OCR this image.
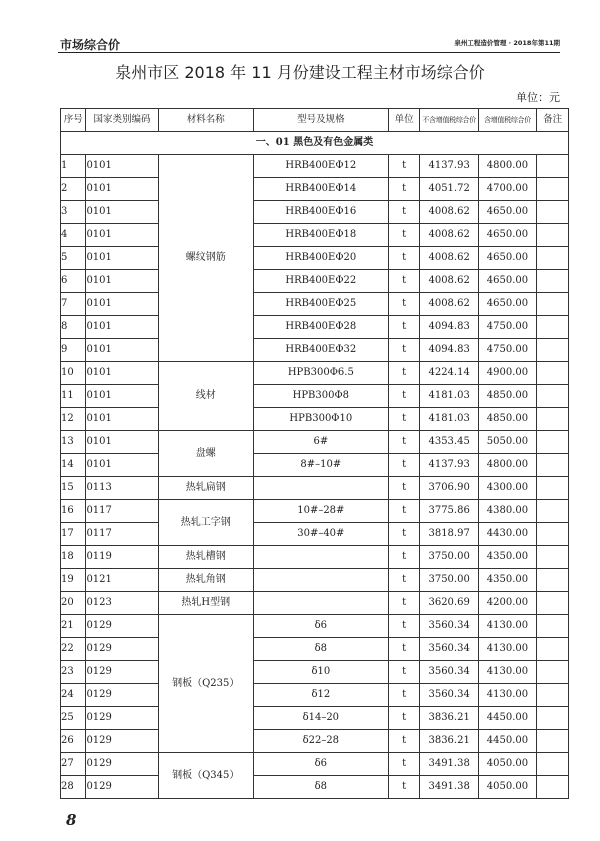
市场综合价	泉州工程造价管理 · 2018年第11期
泉州市区 2018 年 11 月份建设工程主材市场综合价
单位：元
序号	国家类别编码	材料名称	型号及规格	单位	不含增值税综合价	含增值税综合价	备注
一、01 黑色及有色金属类							
1	0101	螺纹钢筋	HRB400EΦ12	t	4137.93	4800.00	
2	0101		HRB400EΦ14	t	4051.72	4700.00	
3	0101		HRB400EΦ16	t	4008.62	4650.00	
4	0101		HRB400EΦ18	t	4008.62	4650.00	
5	0101		HRB400EΦ20	t	4008.62	4650.00	
6	0101		HRB400EΦ22	t	4008.62	4650.00	
7	0101		HRB400EΦ25	t	4008.62	4650.00	
8	0101		HRB400EΦ28	t	4094.83	4750.00	
9	0101		HRB400EΦ32	t	4094.83	4750.00	
10	0101	线材	HPB300Φ6.5	t	4224.14	4900.00	
11	0101		HPB300Φ8	t	4181.03	4850.00	
12	0101		HPB300Φ10	t	4181.03	4850.00	
13	0101	盘螺	6#	t	4353.45	5050.00	
14	0101		8#–10#	t	4137.93	4800.00	
15	0113	热轧扁钢		t	3706.90	4300.00	
16	0117	热轧工字钢	10#–28#	t	3775.86	4380.00	
17	0117		30#–40#	t	3818.97	4430.00	
18	0119	热轧槽钢		t	3750.00	4350.00	
19	0121	热轧角钢		t	3750.00	4350.00	
20	0123	热轧H型钢		t	3620.69	4200.00	
21	0129	钢板（Q235）	δ6	t	3560.34	4130.00	
22	0129		δ8	t	3560.34	4130.00	
23	0129		δ10	t	3560.34	4130.00	
24	0129		δ12	t	3560.34	4130.00	
25	0129		δ14–20	t	3836.21	4450.00	
26	0129		δ22–28	t	3836.21	4450.00	
27	0129	钢板（Q345）	δ6	t	3491.38	4050.00	
28	0129		δ8	t	3491.38	4050.00	
8
